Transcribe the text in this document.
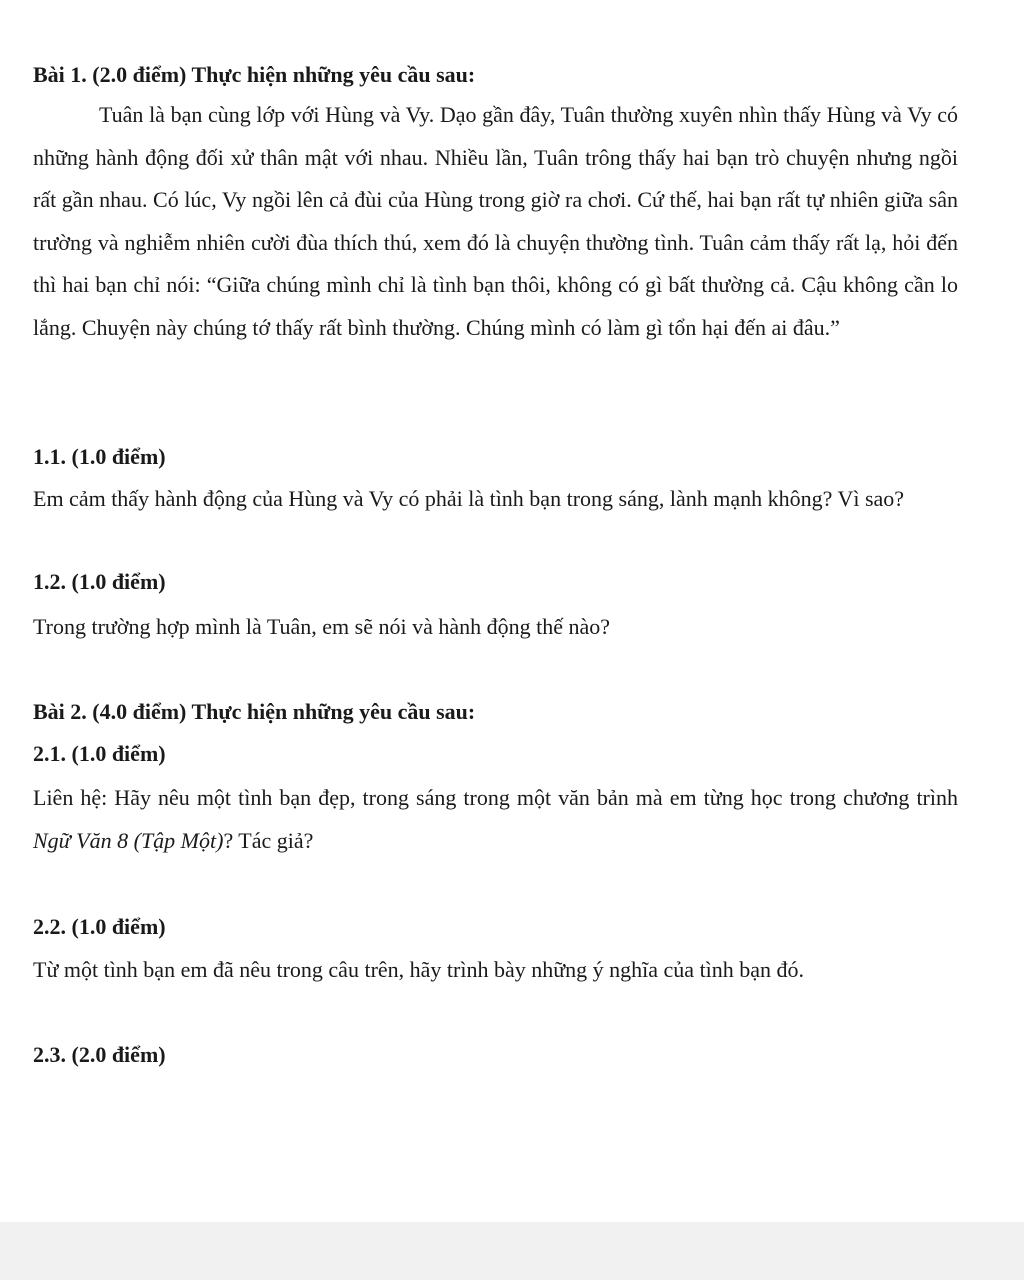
Bài 1. (2.0 điểm) Thực hiện những yêu cầu sau:

Tuân là bạn cùng lớp với Hùng và Vy. Dạo gần đây, Tuân thường xuyên nhìn thấy Hùng và Vy có những hành động đối xử thân mật với nhau. Nhiều lần, Tuân trông thấy hai bạn trò chuyện nhưng ngồi rất gần nhau. Có lúc, Vy ngồi lên cả đùi của Hùng trong giờ ra chơi. Cứ thế, hai bạn rất tự nhiên giữa sân trường và nghiễm nhiên cười đùa thích thú, xem đó là chuyện thường tình. Tuân cảm thấy rất lạ, hỏi đến thì hai bạn chỉ nói: “Giữa chúng mình chỉ là tình bạn thôi, không có gì bất thường cả. Cậu không cần lo lắng. Chuyện này chúng tớ thấy rất bình thường. Chúng mình có làm gì tổn hại đến ai đâu.”

1.1. (1.0 điểm)

Em cảm thấy hành động của Hùng và Vy có phải là tình bạn trong sáng, lành mạnh không? Vì sao?

1.2. (1.0 điểm)

Trong trường hợp mình là Tuân, em sẽ nói và hành động thế nào?

Bài 2. (4.0 điểm) Thực hiện những yêu cầu sau:

2.1. (1.0 điểm)

Liên hệ: Hãy nêu một tình bạn đẹp, trong sáng trong một văn bản mà em từng học trong chương trình Ngữ Văn 8 (Tập Một)? Tác giả?

2.2. (1.0 điểm)

Từ một tình bạn em đã nêu trong câu trên, hãy trình bày những ý nghĩa của tình bạn đó.

2.3. (2.0 điểm)
